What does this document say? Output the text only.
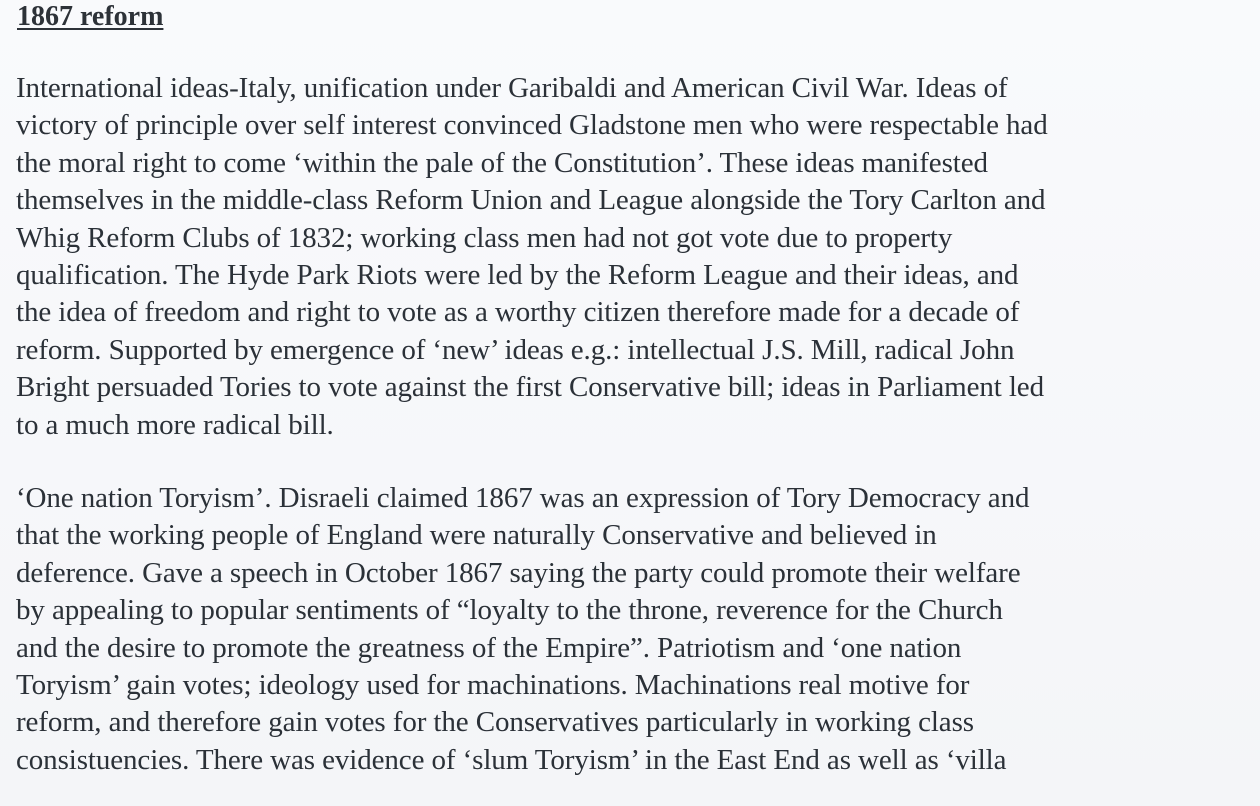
1867 reform

International ideas-Italy, unification under Garibaldi and American Civil War. Ideas of
victory of principle over self interest convinced Gladstone men who were respectable had
the moral right to come ‘within the pale of the Constitution’. These ideas manifested
themselves in the middle-class Reform Union and League alongside the Tory Carlton and
Whig Reform Clubs of 1832; working class men had not got vote due to property
qualification. The Hyde Park Riots were led by the Reform League and their ideas, and
the idea of freedom and right to vote as a worthy citizen therefore made for a decade of
reform. Supported by emergence of ‘new’ ideas e.g.: intellectual J.S. Mill, radical John
Bright persuaded Tories to vote against the first Conservative bill; ideas in Parliament led
to a much more radical bill.

‘One nation Toryism’. Disraeli claimed 1867 was an expression of Tory Democracy and
that the working people of England were naturally Conservative and believed in
deference. Gave a speech in October 1867 saying the party could promote their welfare
by appealing to popular sentiments of “loyalty to the throne, reverence for the Church
and the desire to promote the greatness of the Empire”. Patriotism and ‘one nation
Toryism’ gain votes; ideology used for machinations. Machinations real motive for
reform, and therefore gain votes for the Conservatives particularly in working class
consistuencies. There was evidence of ‘slum Toryism’ in the East End as well as ‘villa
